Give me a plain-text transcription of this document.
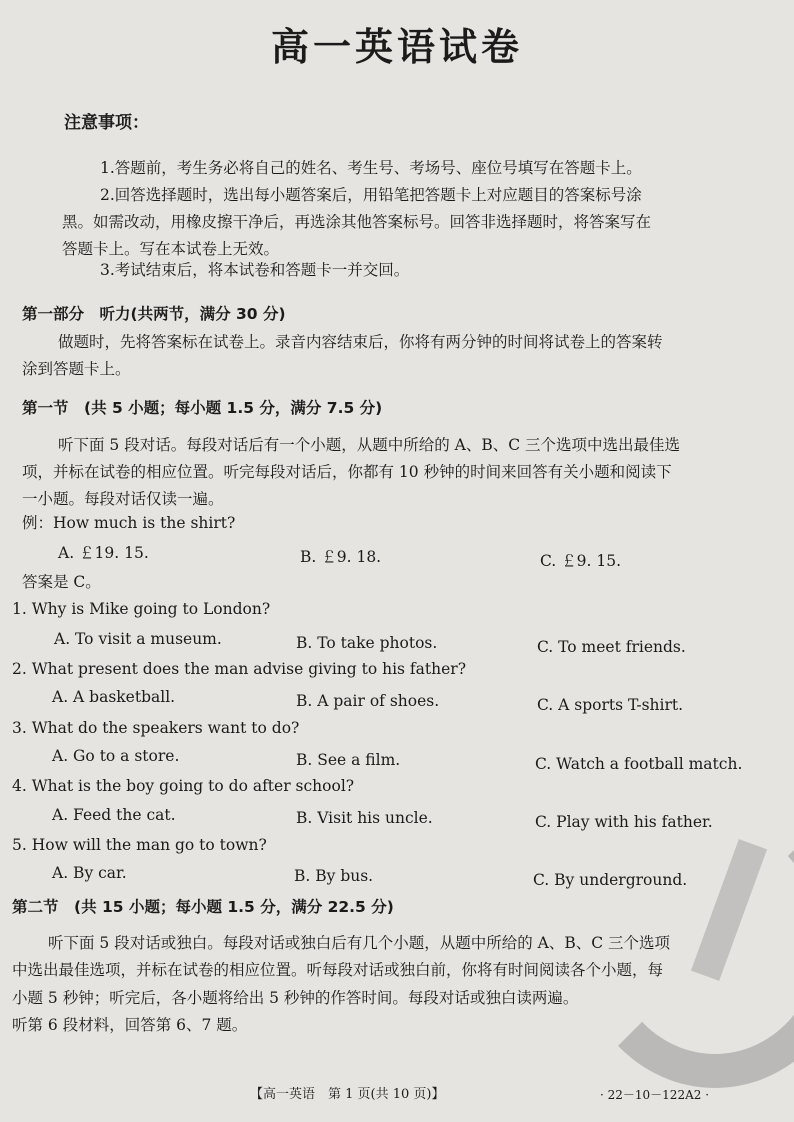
高一英语试卷
注意事项：
1.答题前，考生务必将自己的姓名、考生号、考场号、座位号填写在答题卡上。
2.回答选择题时，选出每小题答案后，用铅笔把答题卡上对应题目的答案标号涂
黑。如需改动，用橡皮擦干净后，再选涂其他答案标号。回答非选择题时，将答案写在
答题卡上。写在本试卷上无效。
3.考试结束后，将本试卷和答题卡一并交回。
第一部分　听力(共两节，满分 30 分)
做题时，先将答案标在试卷上。录音内容结束后，你将有两分钟的时间将试卷上的答案转
涂到答题卡上。
第一节　(共 5 小题；每小题 1.5 分，满分 7.5 分)
听下面 5 段对话。每段对话后有一个小题，从题中所给的 A、B、C 三个选项中选出最佳选
项，并标在试卷的相应位置。听完每段对话后，你都有 10 秒钟的时间来回答有关小题和阅读下
一小题。每段对话仅读一遍。
例：How much is the shirt?
A. ￡19. 15.	B. ￡9. 18.	C. ￡9. 15.
答案是 C。
1. Why is Mike going to London?
A. To visit a museum.	B. To take photos.	C. To meet friends.
2. What present does the man advise giving to his father?
A. A basketball.	B. A pair of shoes.	C. A sports T-shirt.
3. What do the speakers want to do?
A. Go to a store.	B. See a film.	C. Watch a football match.
4. What is the boy going to do after school?
A. Feed the cat.	B. Visit his uncle.	C. Play with his father.
5. How will the man go to town?
A. By car.	B. By bus.	C. By underground.
第二节　(共 15 小题；每小题 1.5 分，满分 22.5 分)
听下面 5 段对话或独白。每段对话或独白后有几个小题，从题中所给的 A、B、C 三个选项
中选出最佳选项，并标在试卷的相应位置。听每段对话或独白前，你将有时间阅读各个小题，每
小题 5 秒钟；听完后，各小题将给出 5 秒钟的作答时间。每段对话或独白读两遍。
听第 6 段材料，回答第 6、7 题。
【高一英语　第 1 页(共 10 页)】	· 22－10－122A2 ·
